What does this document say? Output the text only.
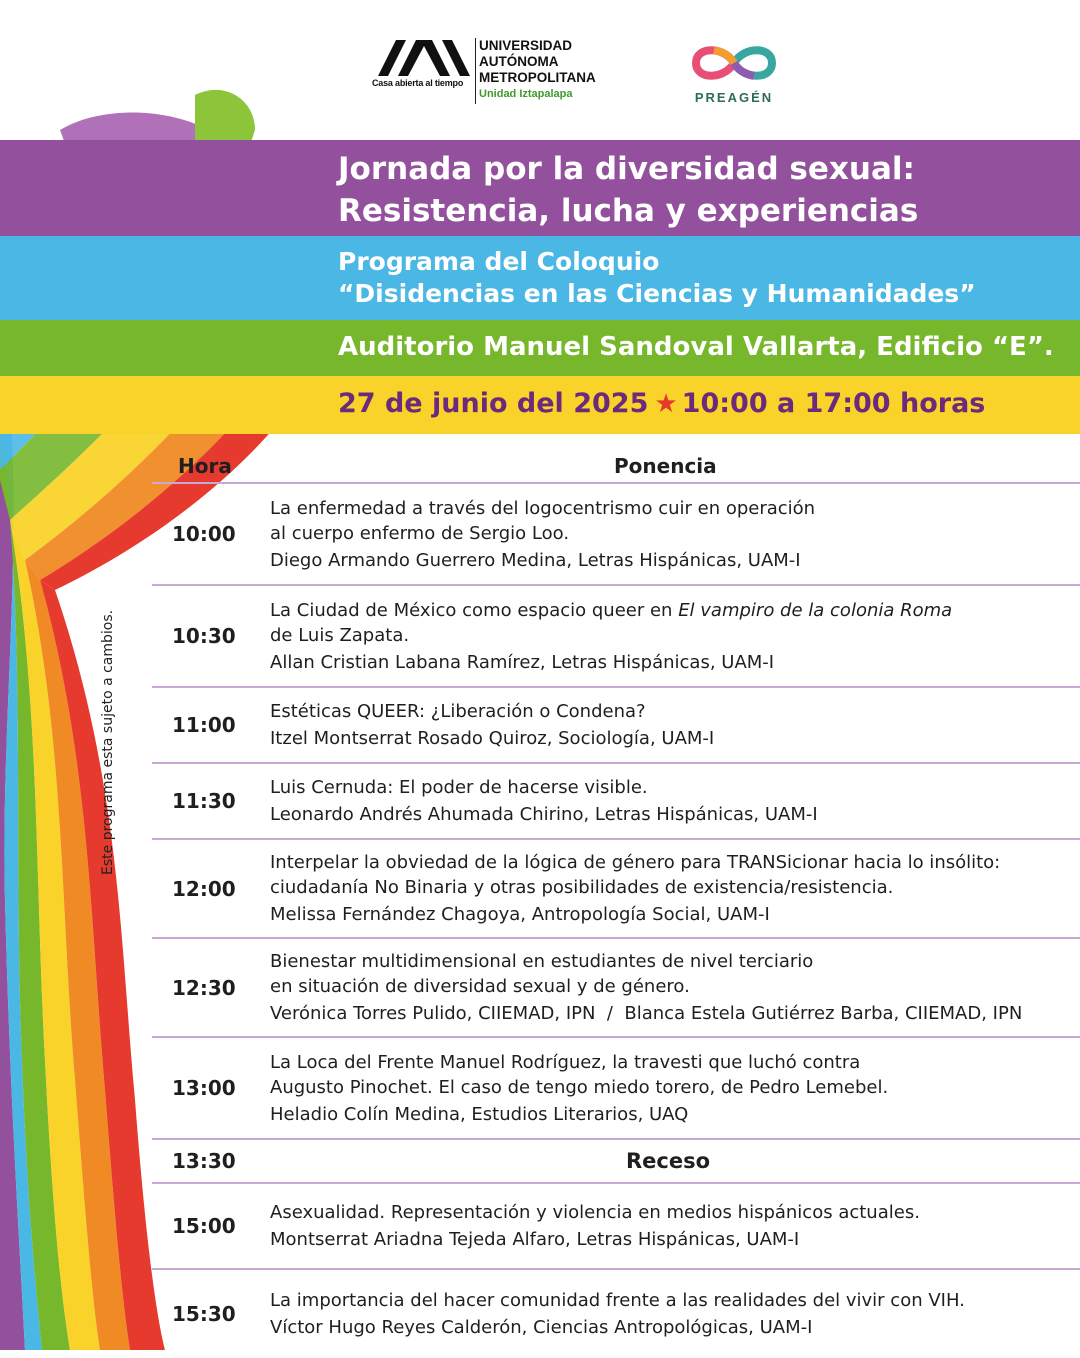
Casa abierta al tiempo
UNIVERSIDAD
AUTÓNOMA
METROPOLITANA
Unidad Iztapalapa	PREAGÉN
Jornada por la diversidad sexual:
Resistencia, lucha y experiencias
Programa del Coloquio
“Disidencias en las Ciencias y Humanidades”
Auditorio Manuel Sandoval Vallarta, Edificio “E”.
27 de junio del 2025 ★ 10:00 a 17:00 horas
Hora	Ponencia
10:00
La enfermedad a través del logocentrismo cuir en operación
al cuerpo enfermo de Sergio Loo.
Diego Armando Guerrero Medina, Letras Hispánicas, UAM-I
10:30
La Ciudad de México como espacio queer en El vampiro de la colonia Roma
de Luis Zapata.
Allan Cristian Labana Ramírez, Letras Hispánicas, UAM-I
11:00
Estéticas QUEER: ¿Liberación o Condena?
Itzel Montserrat Rosado Quiroz, Sociología, UAM-I
11:30
Luis Cernuda: El poder de hacerse visible.
Leonardo Andrés Ahumada Chirino, Letras Hispánicas, UAM-I
12:00
Interpelar la obviedad de la lógica de género para TRANSicionar hacia lo insólito:
ciudadanía No Binaria y otras posibilidades de existencia/resistencia.
Melissa Fernández Chagoya, Antropología Social, UAM-I
12:30
Bienestar multidimensional en estudiantes de nivel terciario
en situación de diversidad sexual y de género.
Verónica Torres Pulido, CIIEMAD, IPN  /  Blanca Estela Gutiérrez Barba, CIIEMAD, IPN
13:00
La Loca del Frente Manuel Rodríguez, la travesti que luchó contra
Augusto Pinochet. El caso de tengo miedo torero, de Pedro Lemebel.
Heladio Colín Medina, Estudios Literarios, UAQ
13:30	Receso
15:00
Asexualidad. Representación y violencia en medios hispánicos actuales.
Montserrat Ariadna Tejeda Alfaro, Letras Hispánicas, UAM-I
15:30
La importancia del hacer comunidad frente a las realidades del vivir con VIH.
Víctor Hugo Reyes Calderón, Ciencias Antropológicas, UAM-I
Este programa esta sujeto a cambios.
